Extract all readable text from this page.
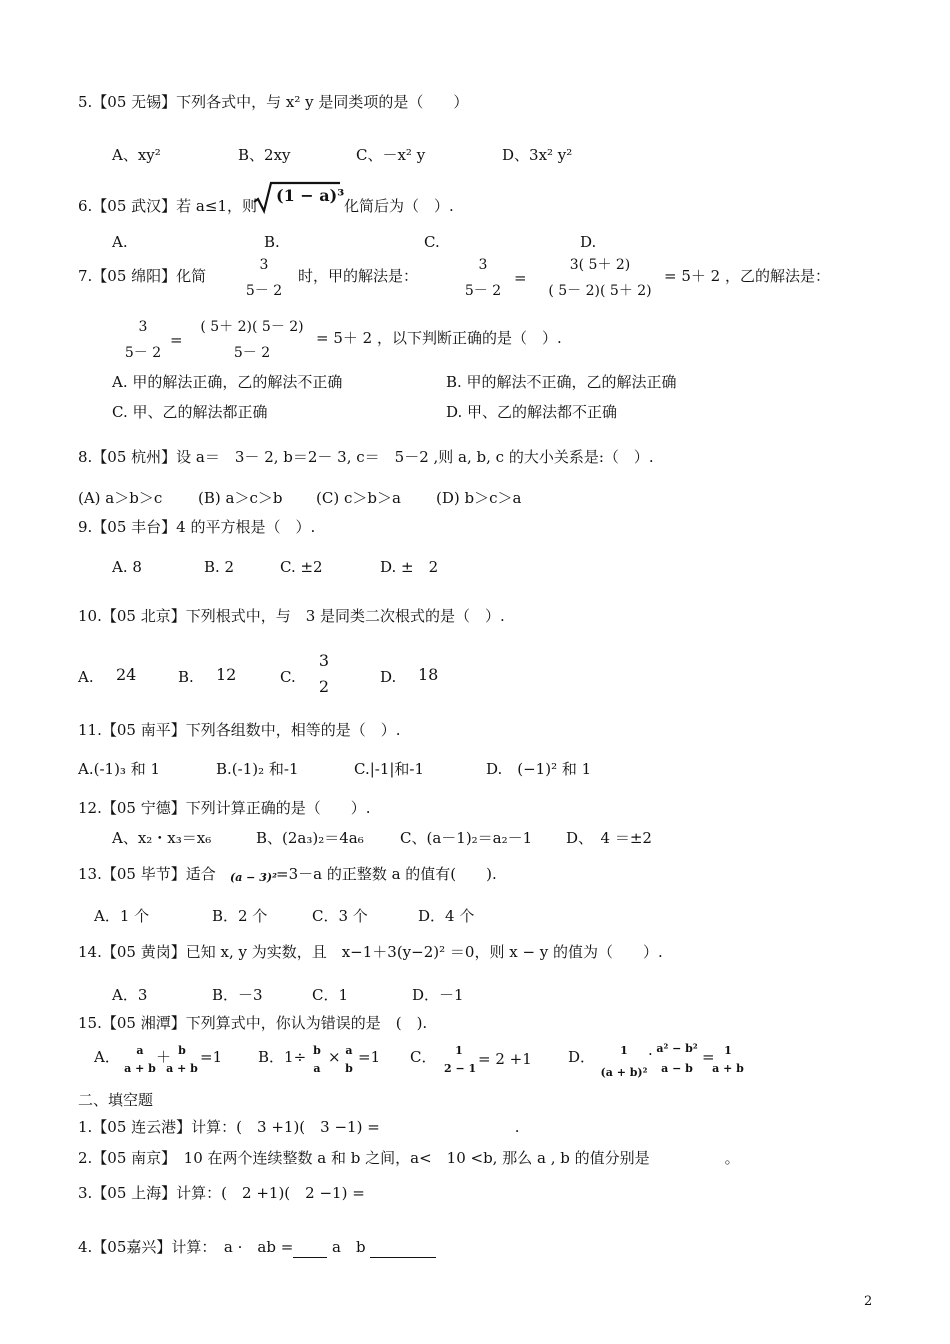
5.【05 无锡】下列各式中，与 x² y 是同类项的是（　　）
A、xy²	B、2xy	C、－x² y	D、3x² y²
6.【05 武汉】若 a≤1，则
(1 − a)³
化简后为（　）.
A.	B.	C.	D.
7.【05 绵阳】化简
3
5－ 2
时，甲的解法是：
3
5－ 2
=
3( 5＋ 2)
( 5－ 2)( 5＋ 2)
= 5＋ 2 ，乙的解法是：
3
5－ 2
=
( 5＋ 2)( 5－ 2)
5－ 2
= 5＋ 2 ，以下判断正确的是（　）.
A. 甲的解法正确，乙的解法不正确	B. 甲的解法不正确，乙的解法正确
C. 甲、乙的解法都正确	D. 甲、乙的解法都不正确
8.【05 杭州】设 a＝　3－ 2, b＝2－ 3, c＝　5－2 ,则 a, b, c 的大小关系是:（　）.
(A) a＞b＞c (B) a＞c＞b (C) c＞b＞a (D) b＞c＞a
9.【05 丰台】4 的平方根是（　）.
A. 8	B. 2	C. ±2	D. ±　2
10.【05 北京】下列根式中，与　3 是同类二次根式的是（　）.
A. 24	B. 12	C.
3
2	D. 18
11.【05 南平】下列各组数中，相等的是（　）.
A.(-1)₃ 和 1	B.(-1)₂ 和-1	C.|-1|和-1	D.　(−1)² 和 1
12.【05 宁德】下列计算正确的是（　　）.
A、x₂・x₃＝x₆	B、(2a₃)₂＝4a₆ C、(a－1)₂＝a₂－1 D、　4 ＝±2
13.【05 毕节】适合 (a − 3)² =3－a 的正整数 a 的值有(　　).
A．1 个	B．2 个	C．3 个	D．4 个
14.【05 黄岗】已知 x, y 为实数，且　x−1＋3(y−2)² ＝0，则 x − y 的值为（　　）.
A．3	B．－3	C．1	D．－1
15.【05 湘潭】下列算式中，你认为错误的是　(　).
A．	a
a + b
＋ b
a + b
=1 B．1÷ b
a
× a
b
=1 C．	1
2 − 1
= 2 +1 D．	1
(a + b)²
· a² − b²
a − b
= 1
a + b
二、填空题
1.【05 连云港】计算：(　3 +1)(　3 −1) =　　　　　　　　　.
2.【05 南京】　10 在两个连续整数 a 和 b 之间，a<　10 <b, 那么 a , b 的值分别是　　　　　。
3.【05 上海】计算：(　2 +1)(　2 −1) =
4.【05嘉兴】计算：　a ·　ab =	a　b
2
